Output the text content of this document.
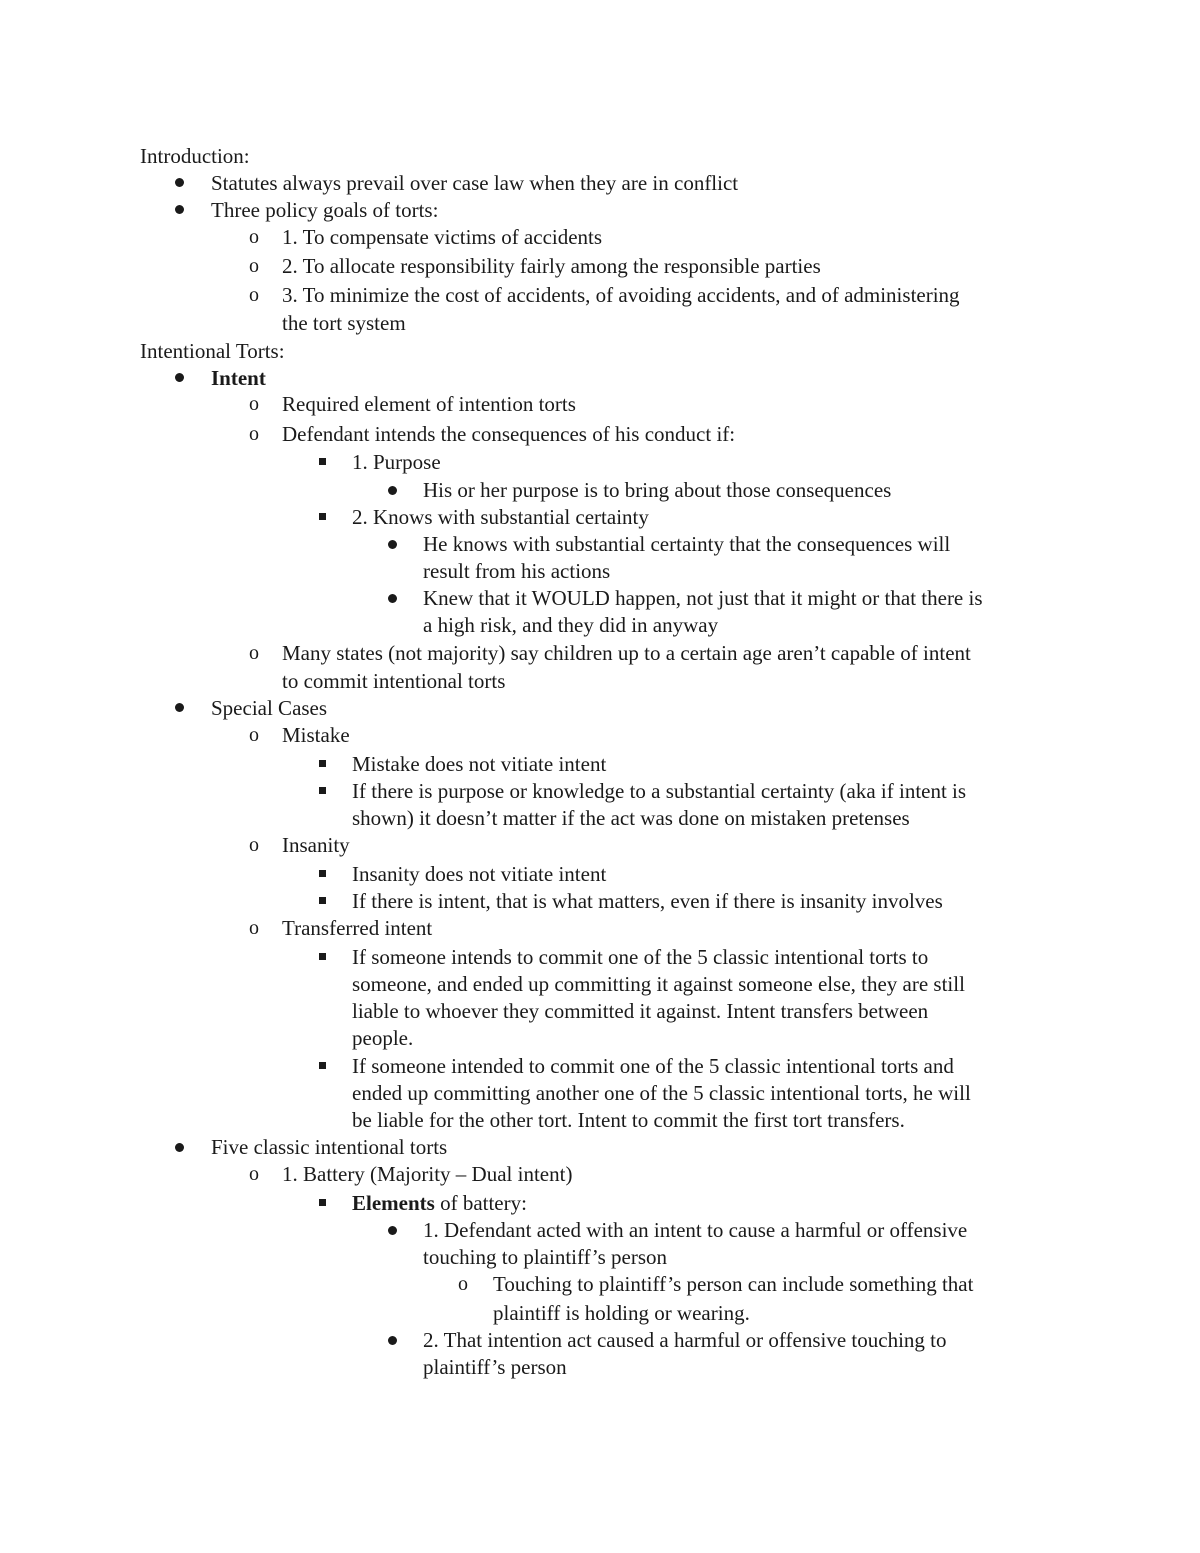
Introduction:
Statutes always prevail over case law when they are in conflict
Three policy goals of torts:
o 1. To compensate victims of accidents
o 2. To allocate responsibility fairly among the responsible parties
o 3. To minimize the cost of accidents, of avoiding accidents, and of administering
the tort system
Intentional Torts:
Intent
o Required element of intention torts
o Defendant intends the consequences of his conduct if:
1. Purpose
His or her purpose is to bring about those consequences
2. Knows with substantial certainty
He knows with substantial certainty that the consequences will
result from his actions
Knew that it WOULD happen, not just that it might or that there is
a high risk, and they did in anyway
o Many states (not majority) say children up to a certain age aren’t capable of intent
to commit intentional torts
Special Cases
o Mistake
Mistake does not vitiate intent
If there is purpose or knowledge to a substantial certainty (aka if intent is
shown) it doesn’t matter if the act was done on mistaken pretenses
o Insanity
Insanity does not vitiate intent
If there is intent, that is what matters, even if there is insanity involves
o Transferred intent
If someone intends to commit one of the 5 classic intentional torts to
someone, and ended up committing it against someone else, they are still
liable to whoever they committed it against. Intent transfers between
people.
If someone intended to commit one of the 5 classic intentional torts and
ended up committing another one of the 5 classic intentional torts, he will
be liable for the other tort. Intent to commit the first tort transfers.
Five classic intentional torts
o 1. Battery (Majority – Dual intent)
Elements of battery:
1. Defendant acted with an intent to cause a harmful or offensive
touching to plaintiff’s person
o Touching to plaintiff’s person can include something that
plaintiff is holding or wearing.
2. That intention act caused a harmful or offensive touching to
plaintiff’s person
